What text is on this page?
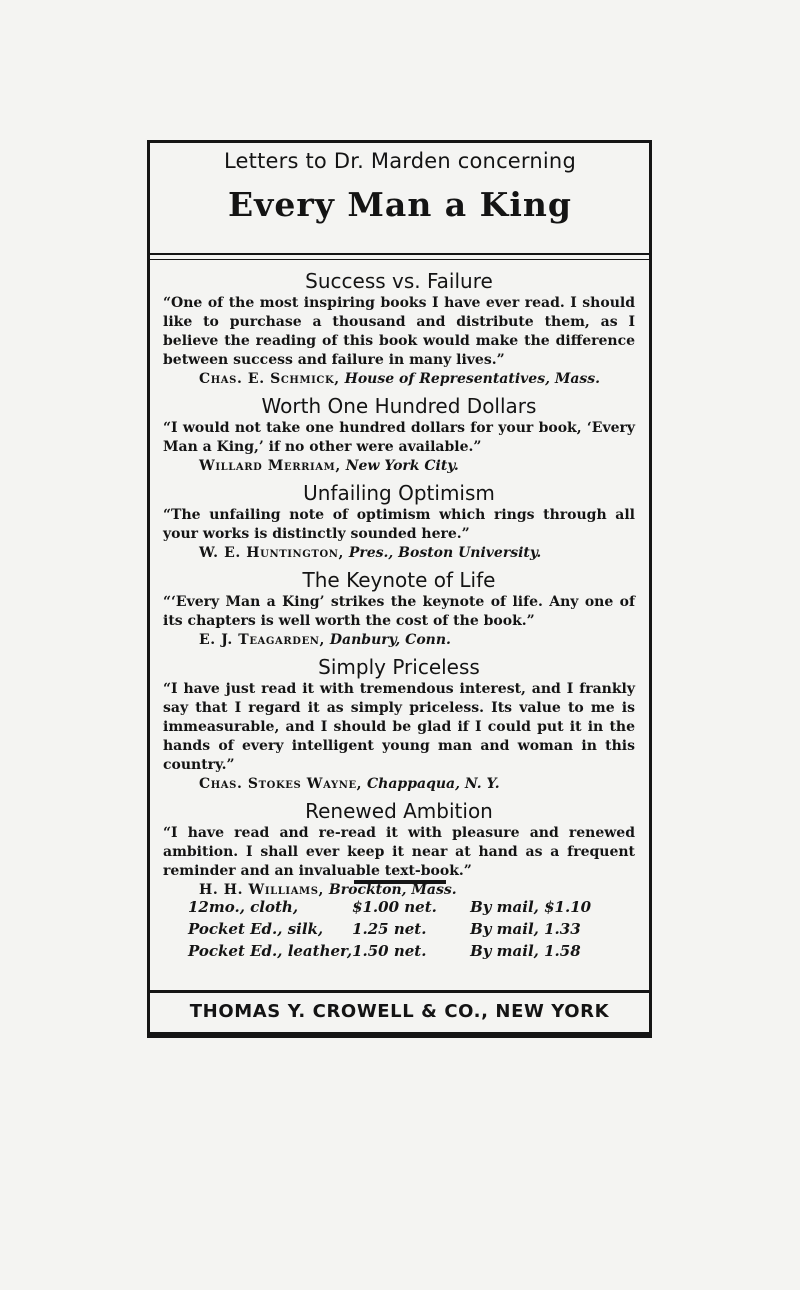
Letters to Dr. Marden concerning
Every Man a King
Success vs. Failure

“One of the most inspiring books I have ever read. I should like to purchase a thousand and distribute them, as I believe the reading of this book would make the difference between success and failure in many lives.”

Chas. E. Schmick, House of Representatives, Mass.

Worth One Hundred Dollars

“I would not take one hundred dollars for your book, ‘Every Man a King,’ if no other were available.”

Willard Merriam, New York City.

Unfailing Optimism

“The unfailing note of optimism which rings through all your works is distinctly sounded here.”

W. E. Huntington, Pres., Boston University.

The Keynote of Life

“‘Every Man a King’ strikes the keynote of life. Any one of its chapters is well worth the cost of the book.”

E. J. Teagarden, Danbury, Conn.

Simply Priceless

“I have just read it with tremendous interest, and I frankly say that I regard it as simply priceless. Its value to me is immeasurable, and I should be glad if I could put it in the hands of every intelligent young man and woman in this country.”

Chas. Stokes Wayne, Chappaqua, N. Y.

Renewed Ambition

“I have read and re-read it with pleasure and renewed ambition. I shall ever keep it near at hand as a frequent reminder and an invaluable text-book.”

H. H. Williams, Brockton, Mass.

12mo., cloth,	$1.00 net.	By mail, $1.10
Pocket Ed., silk,	1.25 net.	By mail, 1.33
Pocket Ed., leather,	1.50 net.	By mail, 1.58
THOMAS Y. CROWELL & CO., NEW YORK
